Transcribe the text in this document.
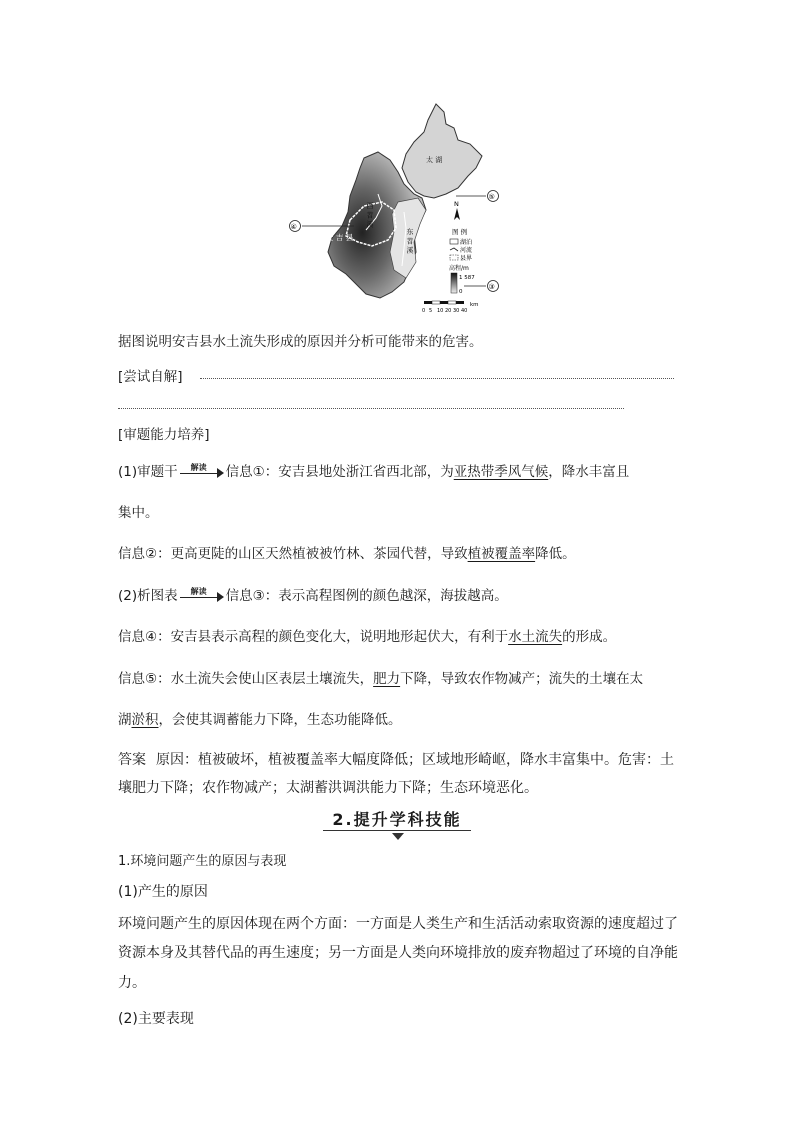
太 湖
西 苕 溪
东 苕 溪
安 吉 县
④
⑤
③
N
图 例
湖泊
河流
县界
高程/m
1 587
0
0 5 10 20 30 40
km
据图说明安吉县水土流失形成的原因并分析可能带来的危害。
[尝试自解]
[审题能力培养]
(1)审题干 解读 信息①：安吉县地处浙江省西北部，为亚热带季风气候，降水丰富且
集中。
信息②：更高更陡的山区天然植被被竹林、茶园代替，导致植被覆盖率降低。
(2)析图表 解读 信息③：表示高程图例的颜色越深，海拔越高。
信息④：安吉县表示高程的颜色变化大，说明地形起伏大，有利于水土流失的形成。
信息⑤：水土流失会使山区表层土壤流失，肥力下降，导致农作物减产；流失的土壤在太
湖淤积，会使其调蓄能力下降，生态功能降低。
答案 原因：植被破坏，植被覆盖率大幅度降低；区域地形崎岖，降水丰富集中。危害：土
壤肥力下降；农作物减产；太湖蓄洪调洪能力下降；生态环境恶化。
2.提升学科技能
1.环境问题产生的原因与表现
(1)产生的原因
环境问题产生的原因体现在两个方面：一方面是人类生产和生活活动索取资源的速度超过了
资源本身及其替代品的再生速度；另一方面是人类向环境排放的废弃物超过了环境的自净能
力。
(2)主要表现
